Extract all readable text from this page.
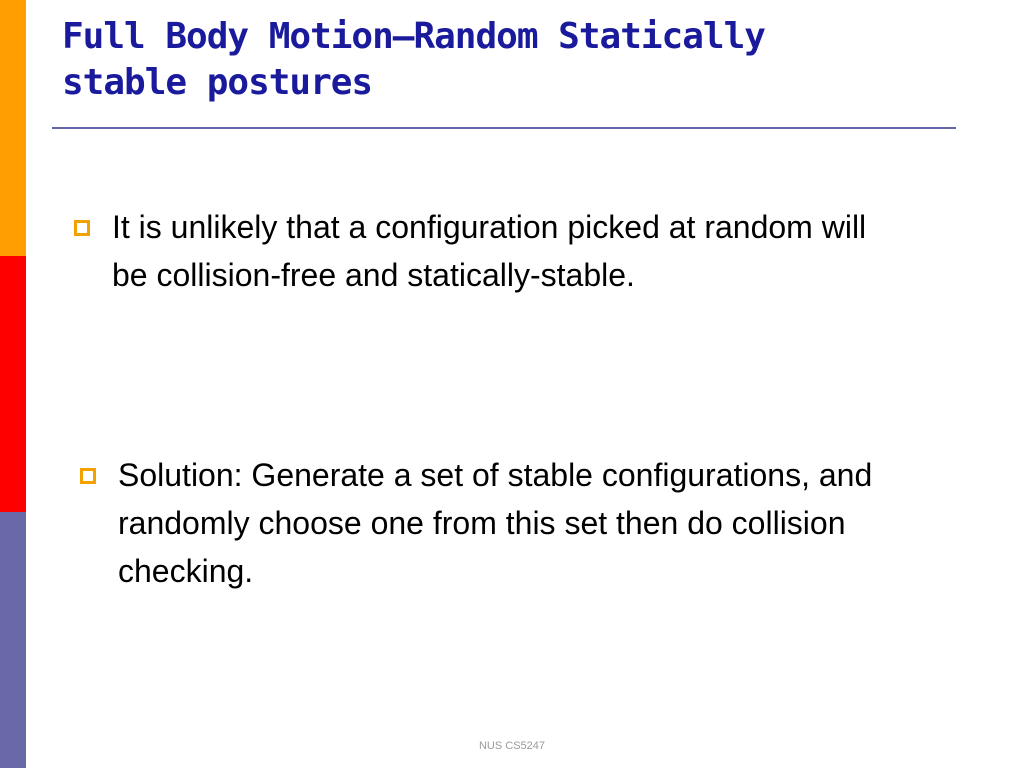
Full Body Motion—Random Statically
stable postures

It is unlikely that a configuration picked at random will be collision-free and statically-stable.

Solution: Generate a set of stable configurations, and randomly choose one from this set then do collision checking.

NUS CS5247
